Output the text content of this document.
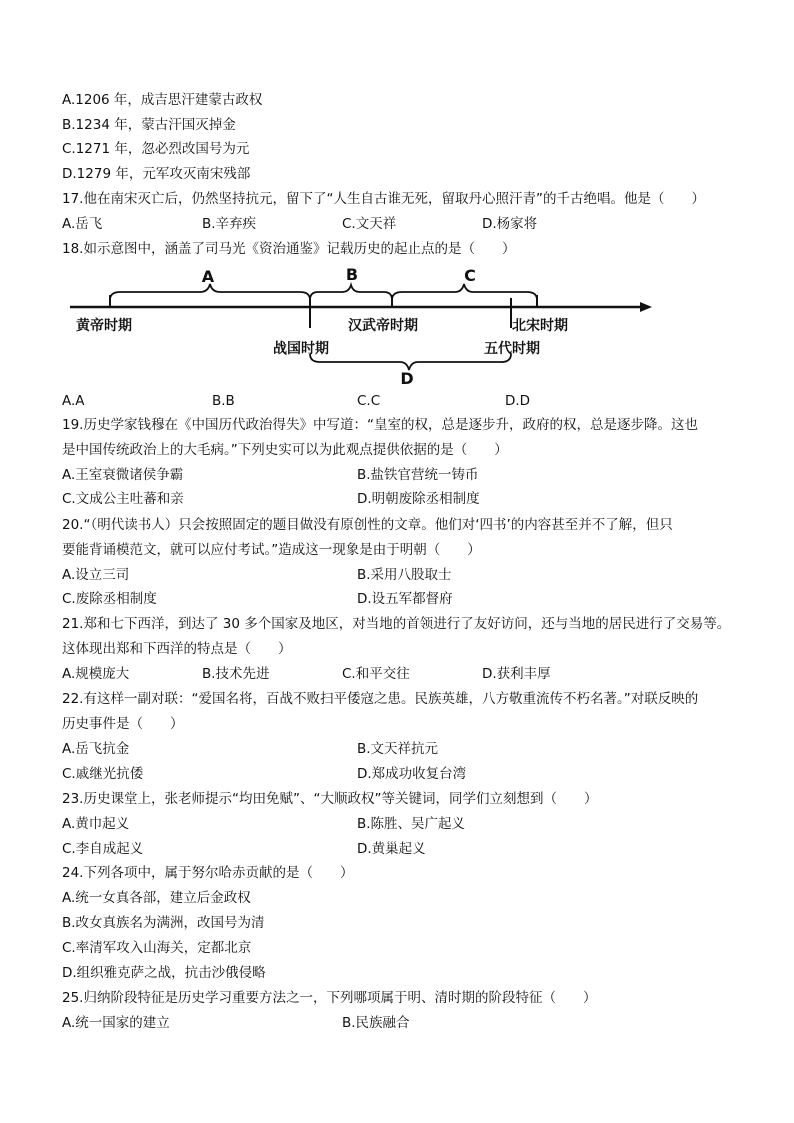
A.1206 年，成吉思汗建蒙古政权
B.1234 年，蒙古汗国灭掉金
C.1271 年，忽必烈改国号为元
D.1279 年，元军攻灭南宋残部
17.他在南宋灭亡后，仍然坚持抗元，留下了“人生自古谁无死，留取丹心照汗青”的千古绝唱。他是（　　）
A.岳飞	B.辛弃疾	C.文天祥	D.杨家将
18.如示意图中，涵盖了司马光《资治通鉴》记载历史的起止点的是（　　）
A	B	C
D
黄帝时期	汉武帝时期	北宋时期
战国时期	五代时期
A.A	B.B	C.C	D.D
19.历史学家钱穆在《中国历代政治得失》中写道：“皇室的权，总是逐步升，政府的权，总是逐步降。这也
是中国传统政治上的大毛病。”下列史实可以为此观点提供依据的是（　　）
A.王室衰微诸侯争霸	B.盐铁官营统一铸币
C.文成公主吐蕃和亲	D.明朝废除丞相制度
20.“（明代读书人）只会按照固定的题目做没有原创性的文章。他们对‘四书’的内容甚至并不了解，但只
要能背诵模范文，就可以应付考试。”造成这一现象是由于明朝（　　）
A.设立三司	B.采用八股取士
C.废除丞相制度	D.设五军都督府
21.郑和七下西洋，到达了 30 多个国家及地区，对当地的首领进行了友好访问，还与当地的居民进行了交易等。
这体现出郑和下西洋的特点是（　　）
A.规模庞大	B.技术先进	C.和平交往	D.获利丰厚
22.有这样一副对联：“爱国名将，百战不败扫平倭寇之患。民族英雄，八方敬重流传不朽名著。”对联反映的
历史事件是（　　）
A.岳飞抗金	B.文天祥抗元
C.戚继光抗倭	D.郑成功收复台湾
23.历史课堂上，张老师提示“均田免赋”、“大顺政权”等关键词，同学们立刻想到（　　）
A.黄巾起义	B.陈胜、吴广起义
C.李自成起义	D.黄巢起义
24.下列各项中，属于努尔哈赤贡献的是（　　）
A.统一女真各部，建立后金政权
B.改女真族名为满洲，改国号为清
C.率清军攻入山海关，定都北京
D.组织雅克萨之战，抗击沙俄侵略
25.归纳阶段特征是历史学习重要方法之一，下列哪项属于明、清时期的阶段特征（　　）
A.统一国家的建立	B.民族融合
